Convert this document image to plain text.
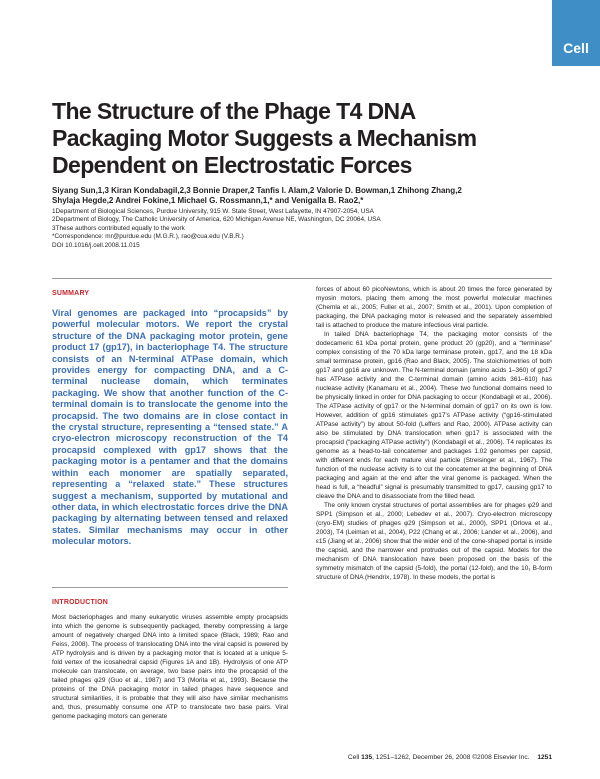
Cell
The Structure of the Phage T4 DNA Packaging Motor Suggests a Mechanism Dependent on Electrostatic Forces
Siyang Sun,1,3 Kiran Kondabagil,2,3 Bonnie Draper,2 Tanfis I. Alam,2 Valorie D. Bowman,1 Zhihong Zhang,2
Shylaja Hegde,2 Andrei Fokine,1 Michael G. Rossmann,1,* and Venigalla B. Rao2,*
1Department of Biological Sciences, Purdue University, 915 W. State Street, West Lafayette, IN 47907-2054, USA
2Department of Biology, The Catholic University of America, 620 Michigan Avenue NE, Washington, DC 20064, USA
3These authors contributed equally to the work
*Correspondence: mr@purdue.edu (M.G.R.), rao@cua.edu (V.B.R.)
DOI 10.1016/j.cell.2008.11.015
SUMMARY
Viral genomes are packaged into “procapsids” by powerful molecular motors. We report the crystal structure of the DNA packaging motor protein, gene product 17 (gp17), in bacteriophage T4. The structure consists of an N-terminal ATPase domain, which provides energy for compacting DNA, and a C-terminal nuclease domain, which terminates packaging. We show that another function of the C-terminal domain is to translocate the genome into the procapsid. The two domains are in close contact in the crystal structure, representing a “tensed state.” A cryo-electron microscopy reconstruction of the T4 procapsid complexed with gp17 shows that the packaging motor is a pentamer and that the domains within each monomer are spatially separated, representing a “relaxed state.” These structures suggest a mechanism, supported by mutational and other data, in which electrostatic forces drive the DNA packaging by alternating between tensed and relaxed states. Similar mechanisms may occur in other molecular motors.
INTRODUCTION

Most bacteriophages and many eukaryotic viruses assemble empty procapsids into which the genome is subsequently packaged, thereby compressing a large amount of negatively charged DNA into a limited space (Black, 1989; Rao and Feiss, 2008). The process of translocating DNA into the viral capsid is powered by ATP hydrolysis and is driven by a packaging motor that is located at a unique 5-fold vertex of the icosahedral capsid (Figures 1A and 1B). Hydrolysis of one ATP molecule can translocate, on average, two base pairs into the procapsid of the tailed phages φ29 (Guo et al., 1987) and T3 (Morita et al., 1993). Because the proteins of the DNA packaging motor in tailed phages have sequence and structural similarities, it is probable that they will also have similar mechanisms and, thus, presumably consume one ATP to translocate two base pairs. Viral genome packaging motors can generate

forces of about 60 picoNewtons, which is about 20 times the force generated by myosin motors, placing them among the most powerful molecular machines (Chemla et al., 2005; Fuller et al., 2007; Smith et al., 2001). Upon completion of packaging, the DNA packaging motor is released and the separately assembled tail is attached to produce the mature infectious viral particle.

In tailed DNA bacteriophage T4, the packaging motor consists of the dodecameric 61 kDa portal protein, gene product 20 (gp20), and a “terminase” complex consisting of the 70 kDa large terminase protein, gp17, and the 18 kDa small terminase protein, gp16 (Rao and Black, 2005). The stoichiometries of both gp17 and gp16 are unknown. The N-terminal domain (amino acids 1–360) of gp17 has ATPase activity and the C-terminal domain (amino acids 361–610) has nuclease activity (Kanamaru et al., 2004). These two functional domains need to be physically linked in order for DNA packaging to occur (Kondabagil et al., 2006). The ATPase activity of gp17 or the N-terminal domain of gp17 on its own is low. However, addition of gp16 stimulates gp17’s ATPase activity (“gp16-stimulated ATPase activity”) by about 50-fold (Leffers and Rao, 2000). ATPase activity can also be stimulated by DNA translocation when gp17 is associated with the procapsid (“packaging ATPase activity”) (Kondabagil et al., 2006). T4 replicates its genome as a head-to-tail concatemer and packages 1.02 genomes per capsid, with different ends for each mature viral particle (Streisinger et al., 1967). The function of the nuclease activity is to cut the concatemer at the beginning of DNA packaging and again at the end after the viral genome is packaged. When the head is full, a “headful” signal is presumably transmitted to gp17, causing gp17 to cleave the DNA and to disassociate from the filled head.

The only known crystal structures of portal assemblies are for phages φ29 and SPP1 (Simpson et al., 2000; Lebedev et al., 2007). Cryo-electron microscopy (cryo-EM) studies of phages φ29 (Simpson et al., 2000), SPP1 (Orlova et al., 2003), T4 (Leiman et al., 2004), P22 (Chang et al., 2006; Lander et al., 2006), and ε15 (Jiang et al., 2006) show that the wider end of the cone-shaped portal is inside the capsid, and the narrower end protrudes out of the capsid. Models for the mechanism of DNA translocation have been proposed on the basis of the symmetry mismatch of the capsid (5-fold), the portal (12-fold), and the 10₁ B-form structure of DNA (Hendrix, 1978). In these models, the portal is

Cell 135, 1251–1262, December 26, 2008 ©2008 Elsevier Inc. 1251
